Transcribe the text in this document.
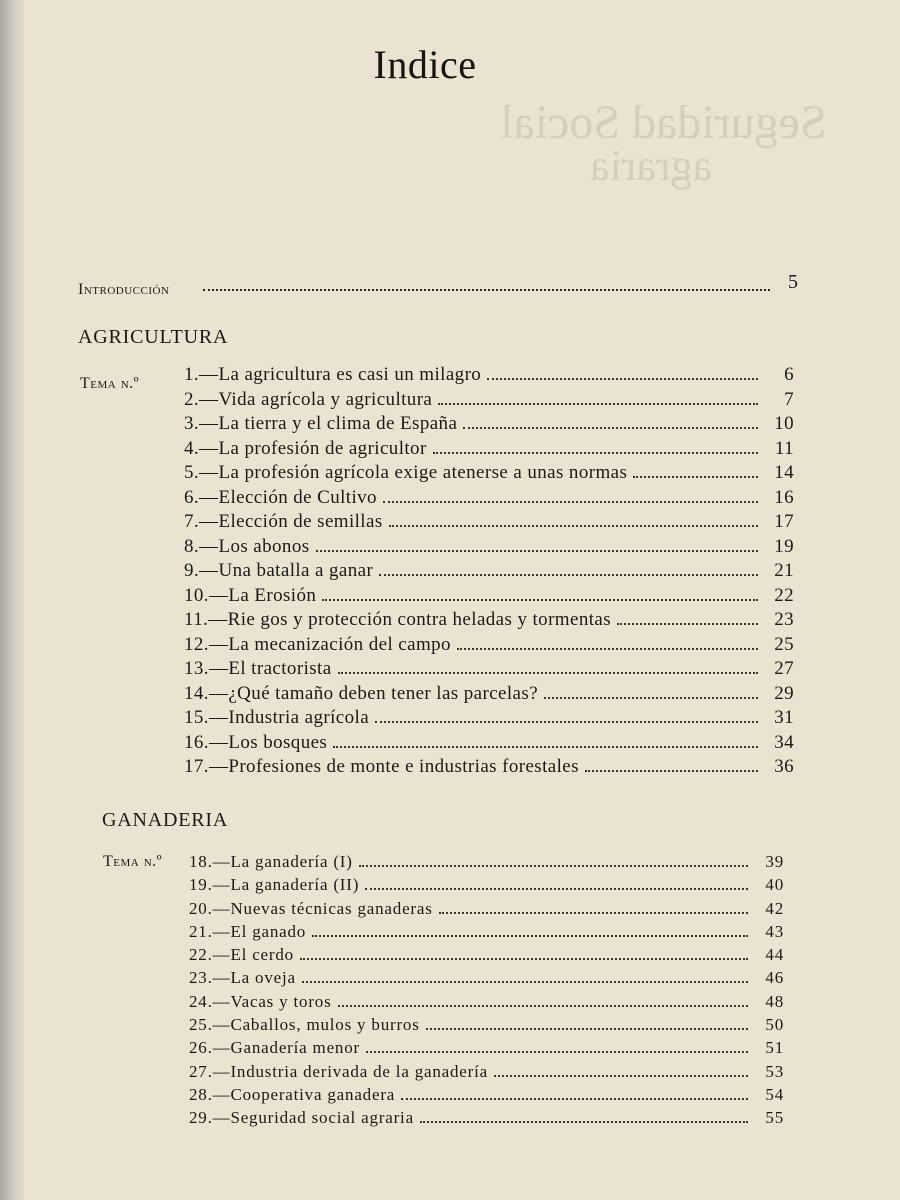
Seguridad Social
agraria
Indice
Introducción	5
AGRICULTURA
Tema n.º 1.—La agricultura es casi un milagro	6
2.—Vida agrícola y agricultura	7
3.—La tierra y el clima de España	10
4.—La profesión de agricultor	11
5.—La profesión agrícola exige atenerse a unas normas	14
6.—Elección de Cultivo	16
7.—Elección de semillas	17
8.—Los abonos	19
9.—Una batalla a ganar	21
10.—La Erosión	22
11.—Rie gos y protección contra heladas y tormentas	23
12.—La mecanización del campo	25
13.—El tractorista	27
14.—¿Qué tamaño deben tener las parcelas?	29
15.—Industria agrícola	31
16.—Los bosques	34
17.—Profesiones de monte e industrias forestales	36
GANADERIA
Tema n.º 18.—La ganadería (I)	39
19.—La ganadería (II)	40
20.—Nuevas técnicas ganaderas	42
21.—El ganado	43
22.—El cerdo	44
23.—La oveja	46
24.—Vacas y toros	48
25.—Caballos, mulos y burros	50
26.—Ganadería menor	51
27.—Industria derivada de la ganadería	53
28.—Cooperativa ganadera	54
29.—Seguridad social agraria	55
